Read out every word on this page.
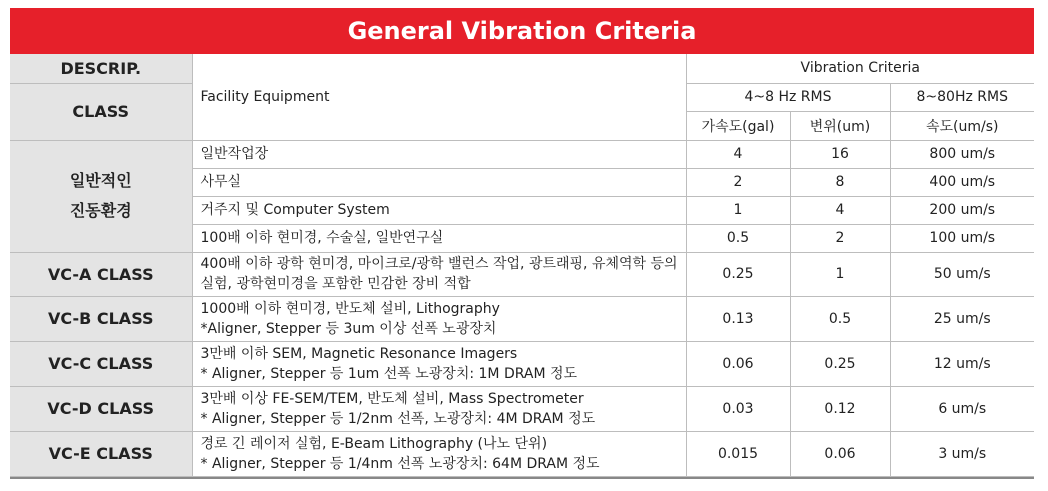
General Vibration Criteria
DESCRIP.	Facility Equipment	Vibration Criteria		
CLASS		4~8 Hz RMS		8~80Hz RMS
		가속도(gal)	변위(um)	속도(um/s)

일반적인
진동환경	일반작업장	4	16	800 um/s
	사무실	2	8	400 um/s
	거주지 및 Computer System	1	4	200 um/s
	100배 이하 현미경, 수술실, 일반연구실	0.5	2	100 um/s
VC-A CLASS	400배 이하 광학 현미경, 마이크로/광학 밸런스 작업, 광트래핑, 유체역학 등의
실험, 광학현미경을 포함한 민감한 장비 적합	0.25	1	50 um/s
VC-B CLASS	1000배 이하 현미경, 반도체 설비, Lithography
*Aligner, Stepper 등 3um 이상 선폭 노광장치	0.13	0.5	25 um/s
VC-C CLASS	3만배 이하 SEM, Magnetic Resonance Imagers
* Aligner, Stepper 등 1um 선폭 노광장치: 1M DRAM 정도	0.06	0.25	12 um/s
VC-D CLASS	3만배 이상 FE-SEM/TEM, 반도체 설비, Mass Spectrometer
* Aligner, Stepper 등 1/2nm 선폭, 노광장치: 4M DRAM 정도	0.03	0.12	6 um/s
VC-E CLASS	경로 긴 레이저 실험, E-Beam Lithography (나노 단위)
* Aligner, Stepper 등 1/4nm 선폭 노광장치: 64M DRAM 정도	0.015	0.06	3 um/s
